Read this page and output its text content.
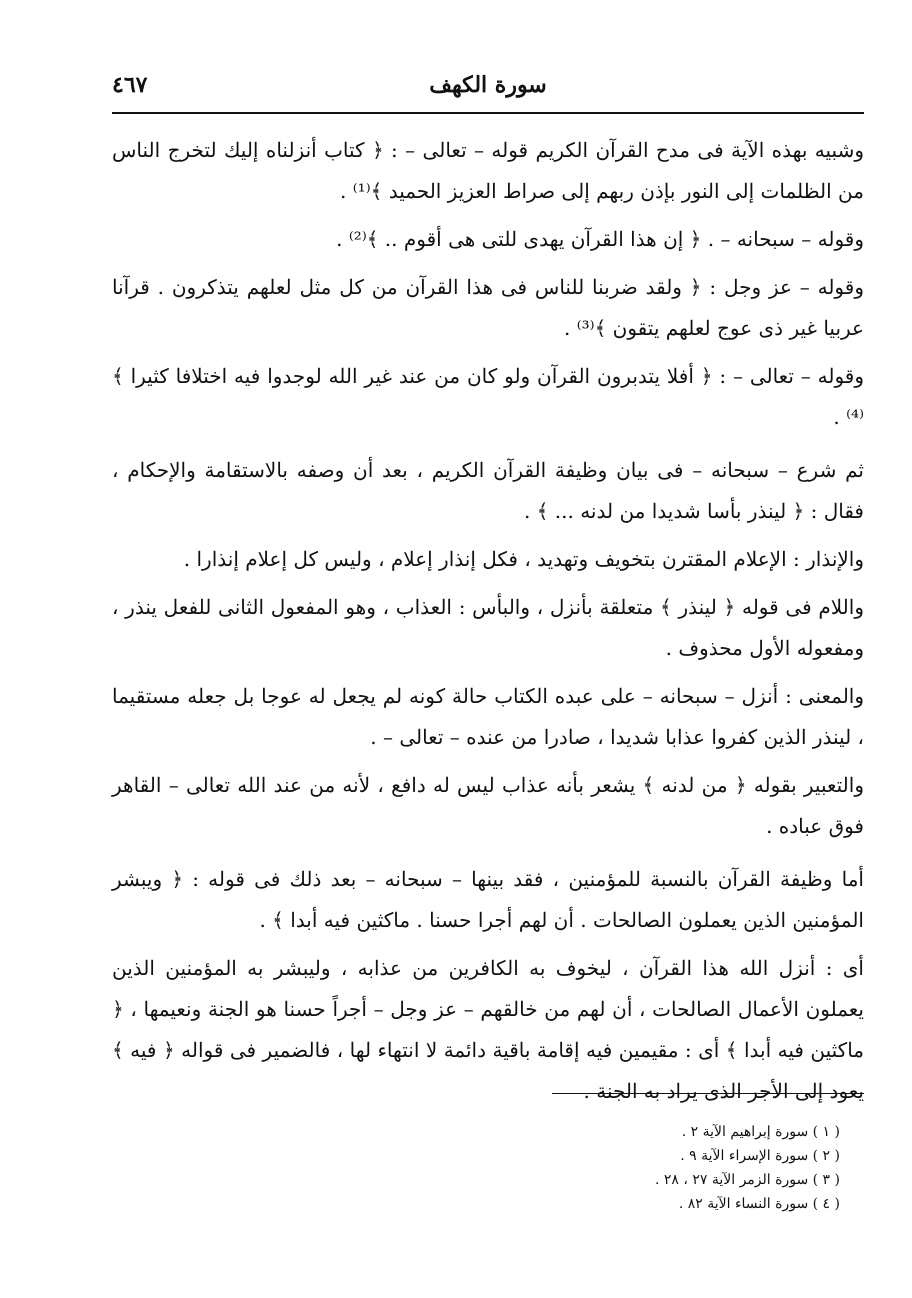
سورة الكهف
٤٦٧

وشبيه بهذه الآية فى مدح القرآن الكريم قوله – تعالى – : ﴿ كتاب أنزلناه إليك لتخرج الناس من الظلمات إلى النور بإذن ربهم إلى صراط العزيز الحميد ﴾⁽¹⁾ .

وقوله – سبحانه – . ﴿ إن هذا القرآن يهدى للتى هى أقوم .. ﴾⁽²⁾ .

وقوله – عز وجل : ﴿ ولقد ضربنا للناس فى هذا القرآن من كل مثل لعلهم يتذكرون . قرآنا عربيا غير ذى عوج لعلهم يتقون ﴾⁽³⁾ .

وقوله – تعالى – : ﴿ أفلا يتدبرون القرآن ولو كان من عند غير الله لوجدوا فيه اختلافا كثيرا ﴾⁽⁴⁾ .

ثم شرع – سبحانه – فى بيان وظيفة القرآن الكريم ، بعد أن وصفه بالاستقامة والإحكام ، فقال : ﴿ لينذر بأسا شديدا من لدنه ... ﴾ .

والإنذار : الإعلام المقترن بتخويف وتهديد ، فكل إنذار إعلام ، وليس كل إعلام إنذارا .

واللام فى قوله ﴿ لينذر ﴾ متعلقة بأنزل ، والبأس : العذاب ، وهو المفعول الثانى للفعل ينذر ، ومفعوله الأول محذوف .

والمعنى : أنزل – سبحانه – على عبده الكتاب حالة كونه لم يجعل له عوجا بل جعله مستقيما ، لينذر الذين كفروا عذابا شديدا ، صادرا من عنده – تعالى – .

والتعبير بقوله ﴿ من لدنه ﴾ يشعر بأنه عذاب ليس له دافع ، لأنه من عند الله تعالى – القاهر فوق عباده .

أما وظيفة القرآن بالنسبة للمؤمنين ، فقد بينها – سبحانه – بعد ذلك فى قوله : ﴿ ويبشر المؤمنين الذين يعملون الصالحات . أن لهم أجرا حسنا . ماكثين فيه أبدا ﴾ .

أى : أنزل الله هذا القرآن ، ليخوف به الكافرين من عذابه ، وليبشر به المؤمنين الذين يعملون الأعمال الصالحات ، أن لهم من خالقهم – عز وجل – أجراً حسنا هو الجنة ونعيمها ، ﴿ ماكثين فيه أبدا ﴾ أى : مقيمين فيه إقامة باقية دائمة لا انتهاء لها ، فالضمير فى قواله ﴿ فيه ﴾ يعود إلى الأجر الذى يراد به الجنة .

( ١ ) سورة إبراهيم الآية ٢ .
( ٢ ) سورة الإسراء الآية ٩ .
( ٣ ) سورة الزمر الآية ٢٧ ، ٢٨ .
( ٤ ) سورة النساء الآية ٨٢ .
